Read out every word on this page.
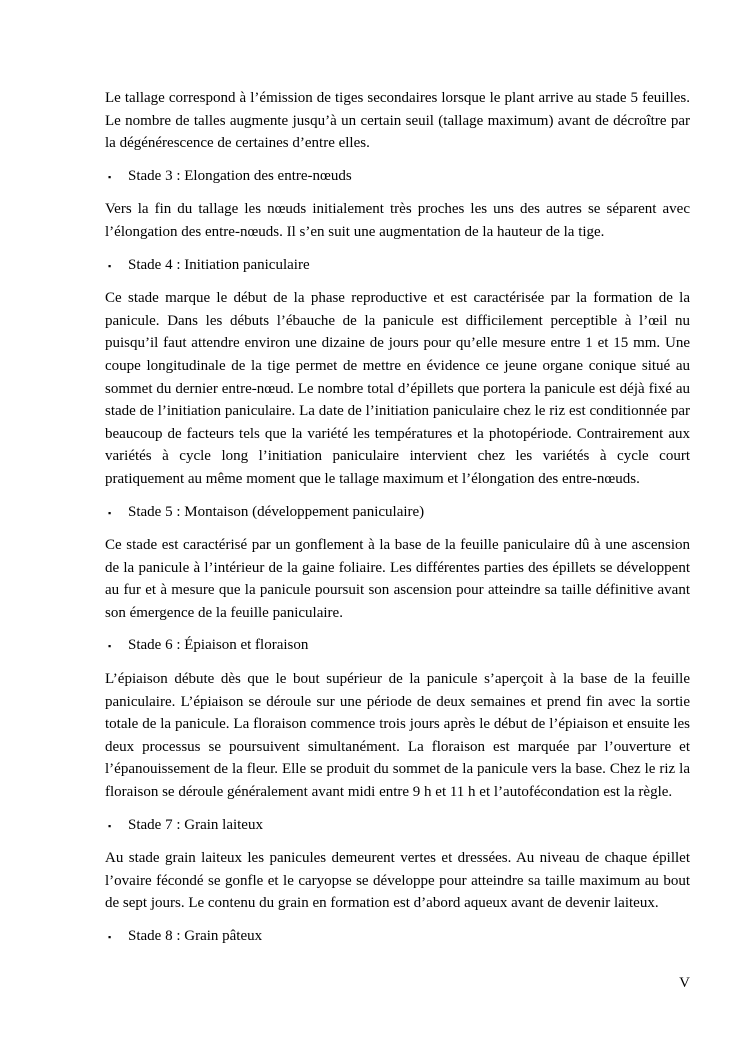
Le tallage correspond à l’émission de tiges secondaires lorsque le plant arrive au stade 5 feuilles. Le nombre de talles augmente jusqu’à un certain seuil (tallage maximum) avant de décroître par la dégénérescence de certaines d’entre elles.

▪	Stade 3 : Elongation des entre-nœuds

Vers la fin du tallage les nœuds initialement très proches les uns des autres se séparent avec l’élongation des entre-nœuds. Il s’en suit une augmentation de la hauteur de la tige.

▪	Stade 4 : Initiation paniculaire

Ce stade marque le début de la phase reproductive et est caractérisée par la formation de la panicule. Dans les débuts l’ébauche de la panicule est difficilement perceptible à l’œil nu puisqu’il faut attendre environ une dizaine de jours pour qu’elle mesure entre 1 et 15 mm. Une coupe longitudinale de la tige permet de mettre en évidence ce jeune organe conique situé au sommet du dernier entre-nœud. Le nombre total d’épillets que portera la panicule est déjà fixé au stade de l’initiation paniculaire. La date de l’initiation paniculaire chez le riz est conditionnée par beaucoup de facteurs tels que la variété les températures et la photopériode. Contrairement aux variétés à cycle long l’initiation paniculaire intervient chez les variétés à cycle court pratiquement au même moment que le tallage maximum et l’élongation des entre-nœuds.

▪	Stade 5 : Montaison (développement paniculaire)

Ce stade est caractérisé par un gonflement à la base de la feuille paniculaire dû à une ascension de la panicule à l’intérieur de la gaine foliaire. Les différentes parties des épillets se développent au fur et à mesure que la panicule poursuit son ascension pour atteindre sa taille définitive avant son émergence de la feuille paniculaire.

▪	Stade 6 : Épiaison et floraison

L’épiaison débute dès que le bout supérieur de la panicule s’aperçoit à la base de la feuille paniculaire. L’épiaison se déroule sur une période de deux semaines et prend fin avec la sortie totale de la panicule. La floraison commence trois jours après le début de l’épiaison et ensuite les deux processus se poursuivent simultanément. La floraison est marquée par l’ouverture et l’épanouissement de la fleur. Elle se produit du sommet de la panicule vers la base. Chez le riz la floraison se déroule généralement avant midi entre 9 h et 11 h et l’autofécondation est la règle.

▪	Stade 7 : Grain laiteux

Au stade grain laiteux les panicules demeurent vertes et dressées. Au niveau de chaque épillet l’ovaire fécondé se gonfle et le caryopse se développe pour atteindre sa taille maximum au bout de sept jours. Le contenu du grain en formation est d’abord aqueux avant de devenir laiteux.

▪	Stade 8 : Grain pâteux
V
